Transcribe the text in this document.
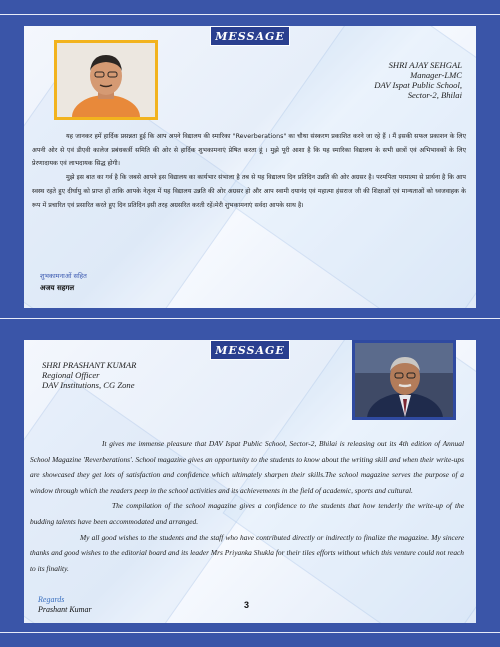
MESSAGE
SHRI AJAY SEHGAL
Manager-LMC
DAV Ispat Public School,
Sector-2, Bhilai

यह जानकर हमें हार्दिक प्रसन्नता हुई कि आप अपने विद्यालय की स्मारिका "Reverberations" का चौथा संस्करण प्रकाशित करने जा रहे हैं । मैं इसकी सफल प्रकाशन के लिए अपनी ओर से एवं डीएवी कालेज प्रबंधकर्त्री समिति की ओर से हार्दिक शुभकामनाएं प्रेषित करता हूं । मुझे पूरी आशा है कि यह स्मारिका विद्यालय के सभी छात्रों एवं अभिभावकों के लिए प्रेरणादायक एवं लाभदायक सिद्ध होगी।

मुझे इस बात का गर्व है कि जबसे आपने इस विद्यालय का कार्यभार संभाला है तब से यह विद्यालय दिन प्रतिदिन उन्नति की ओर अग्रसर है। परमपिता परमात्मा से प्रार्थना है कि आप स्वस्थ रहते हुए दीर्घायु को प्राप्त हों ताकि आपके नेतृत्व में यह विद्यालय उन्नति की ओर अग्रसर हो और आप स्वामी दयानंद एवं महात्मा हंसराज जी की शिक्षाओं एवं मान्यताओं को ध्वजवाहक के रूप में प्रचारित एवं प्रसारित करते हुए दिन प्रतिदिन इसी तरह अग्रसरित करती रहें।मेरी शुभकामनाएं सर्वदा आपके साथ है।

शुभकामनाओं सहित
अजय सहगल
MESSAGE
SHRI PRASHANT KUMAR
Regional Officer
DAV Institutions, CG Zone

It gives me immense pleasure that DAV Ispat Public School, Sector-2, Bhilai is releasing out its 4th edition of Annual School Magazine 'Reverberations'. School magazine gives an opportunity to the students to know about the writing skill and when their write-ups are showcased they get lots of satisfaction and confidence which ultimately sharpen their skills.The school magazine serves the purpose of a window through which the readers peep in the school activities and its achievements in the field of academic, sports and cultural.

The compilation of the school magazine gives a confidence to the students that how tenderly the write-up of the budding talents have been accommodated and arranged.

My all good wishes to the students and the staff who have contributed directly or indirectly to finalize the magazine. My sincere thanks and good wishes to the editorial board and its leader Mrs Priyanka Shukla for their tiles efforts without which this venture could not reach to its finality.

Regards
Prashant Kumar	3
